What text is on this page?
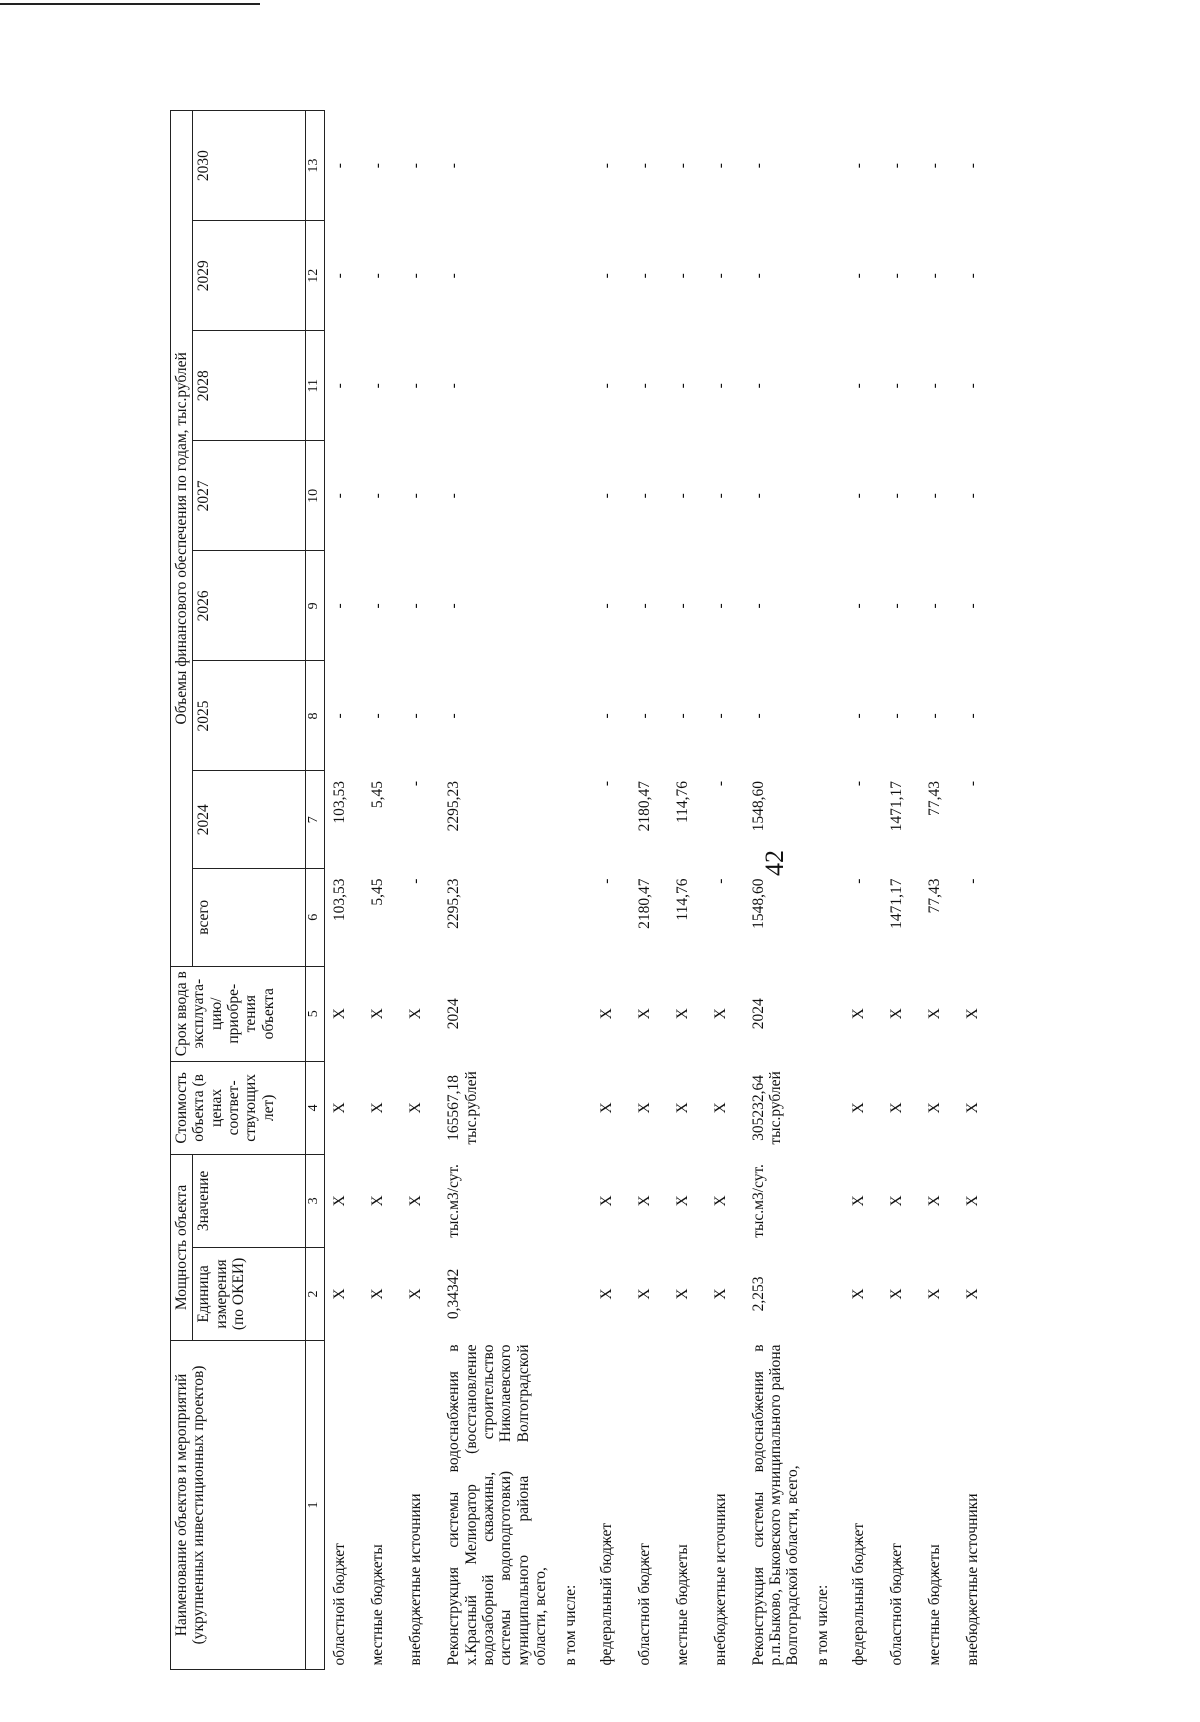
42
Наименование объектов и мероприятий (укрупненных инвестиционных проектов)	Мощность объекта		Стоимость объекта (в ценах соответ-ствующих лет)	Срок ввода в эксплуата-цию/приобре-тения объекта	Объемы финансового обеспечения по годам, тыс.рублей							
	Единица измерения (по ОКЕИ)	Значение			всего	2024	2025	2026	2027	2028	2029	2030
1	2	3	4	5	6	7	8	9	10	11	12	13
областной бюджет	X	X	X	X	103,53	103,53	-	-	-	-	-	-
местные бюджеты	X	X	X	X	5,45	5,45	-	-	-	-	-	-
внебюджетные источники	X	X	X	X	-	-	-	-	-	-	-	-
Реконструкция системы водоснабжения в х.Красный Мелиоратор (восстановление водозаборной скважины, строительство системы водоподготовки) Николаевского муниципального района Волгоградской области, всего,	0,34342	тыс.м3/сут.	165567,18 тыс.рублей	2024	2295,23	2295,23	-	-	-	-	-	-
в том числе:												
федеральный бюджет	X	X	X	X	-	-	-	-	-	-	-	-
областной бюджет	X	X	X	X	2180,47	2180,47	-	-	-	-	-	-
местные бюджеты	X	X	X	X	114,76	114,76	-	-	-	-	-	-
внебюджетные источники	X	X	X	X	-	-	-	-	-	-	-	-
Реконструкция системы водоснабжения в р.п.Быково, Быковского муниципального района Волгоградской области, всего,	2,253	тыс.м3/сут.	305232,64 тыс.рублей	2024	1548,60	1548,60	-	-	-	-	-	-
в том числе:												
федеральный бюджет	X	X	X	X	-	-	-	-	-	-	-	-
областной бюджет	X	X	X	X	1471,17	1471,17	-	-	-	-	-	-
местные бюджеты	X	X	X	X	77,43	77,43	-	-	-	-	-	-
внебюджетные источники	X	X	X	X	-	-	-	-	-	-	-	-
